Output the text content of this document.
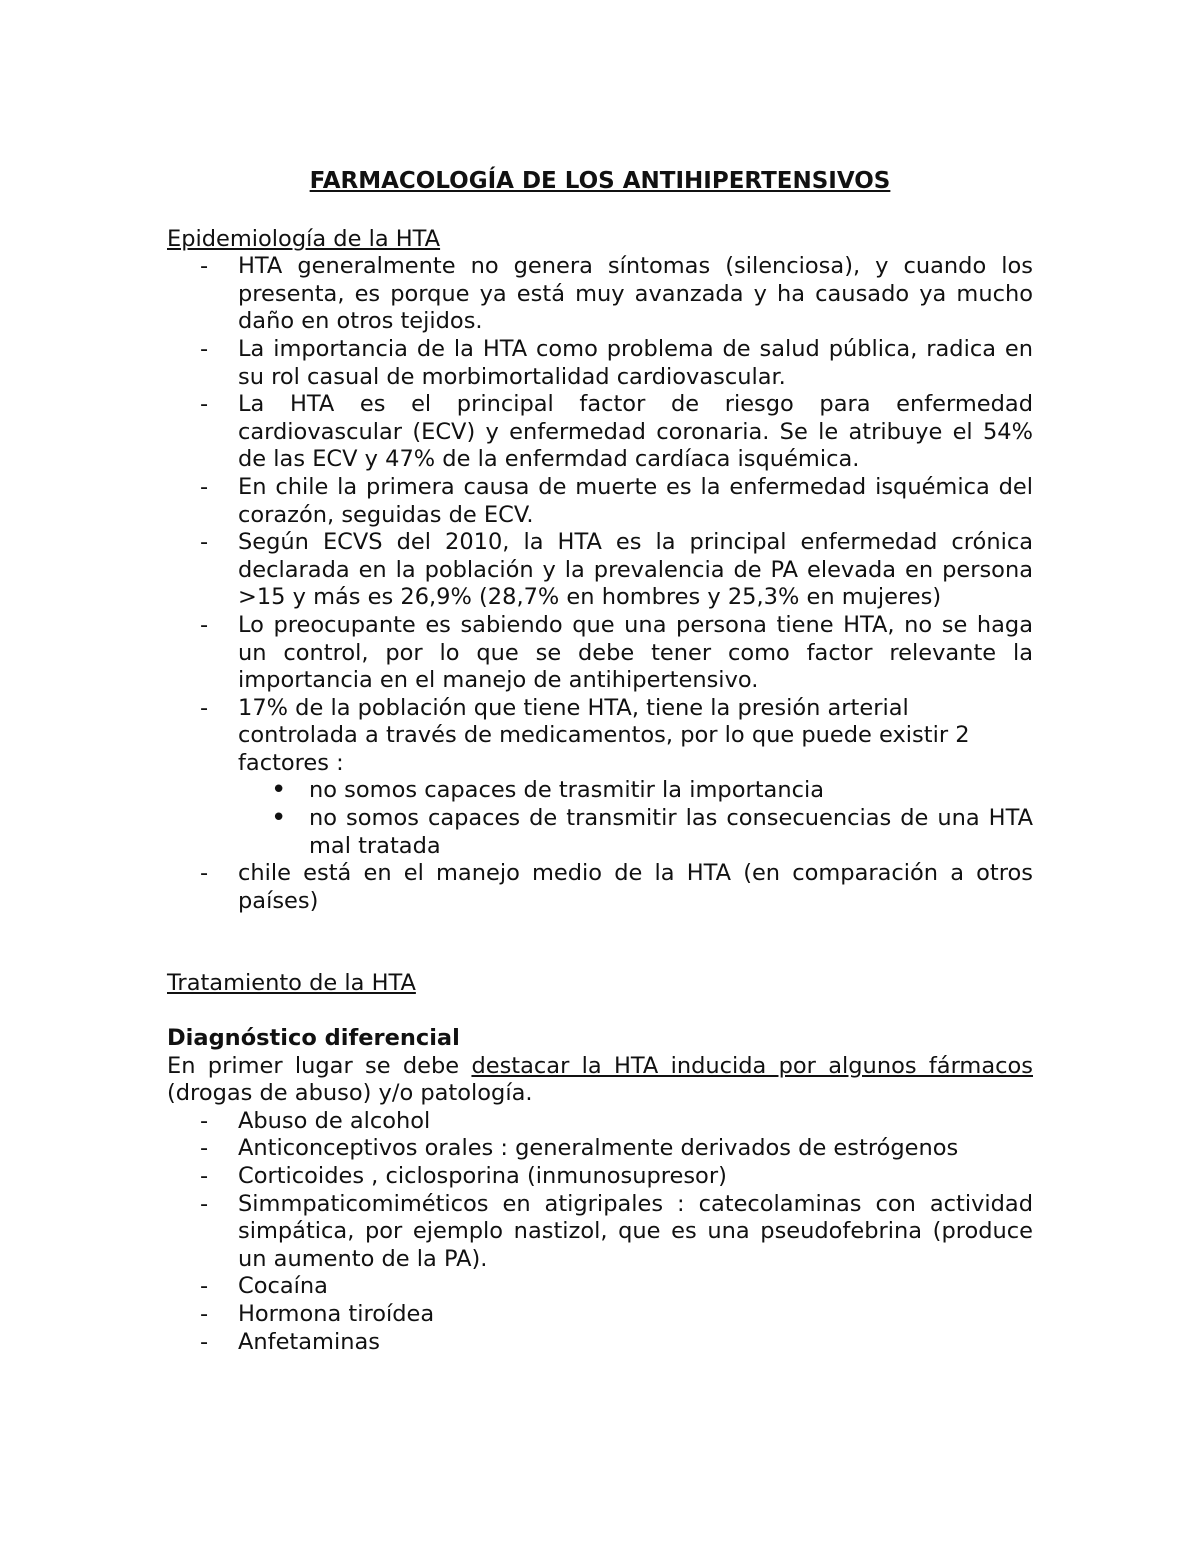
FARMACOLOGÍA DE LOS ANTIHIPERTENSIVOS

Epidemiología de la HTA

- HTA generalmente no genera síntomas (silenciosa), y cuando los presenta, es porque ya está muy avanzada y ha causado ya mucho daño en otros tejidos.
- La importancia de la HTA como problema de salud pública, radica en su rol casual de morbimortalidad cardiovascular.
- La HTA es el principal factor de riesgo para enfermedad cardiovascular (ECV) y enfermedad coronaria. Se le atribuye el 54% de las ECV y 47% de la enfermdad cardíaca isquémica.
- En chile la primera causa de muerte es la enfermedad isquémica del corazón, seguidas de ECV.
- Según ECVS del 2010, la HTA es la principal enfermedad crónica declarada en la población y la prevalencia de PA elevada en persona >15 y más es 26,9% (28,7% en hombres y 25,3% en mujeres)
- Lo preocupante es sabiendo que una persona tiene HTA, no se haga un control, por lo que se debe tener como factor relevante la importancia en el manejo de antihipertensivo.
- 17% de la población que tiene HTA, tiene la presión arterial controlada a través de medicamentos, por lo que puede existir 2 factores :
• no somos capaces de trasmitir la importancia
• no somos capaces de transmitir las consecuencias de una HTA mal tratada
- chile está en el manejo medio de la HTA (en comparación a otros países)

Tratamiento de la HTA

Diagnóstico diferencial

En primer lugar se debe destacar la HTA inducida por algunos fármacos (drogas de abuso) y/o patología.

- Abuso de alcohol
- Anticonceptivos orales : generalmente derivados de estrógenos
- Corticoides , ciclosporina (inmunosupresor)
- Simmpaticomiméticos en atigripales : catecolaminas con actividad simpática, por ejemplo nastizol, que es una pseudofebrina (produce un aumento de la PA).
- Cocaína
- Hormona tiroídea
- Anfetaminas
